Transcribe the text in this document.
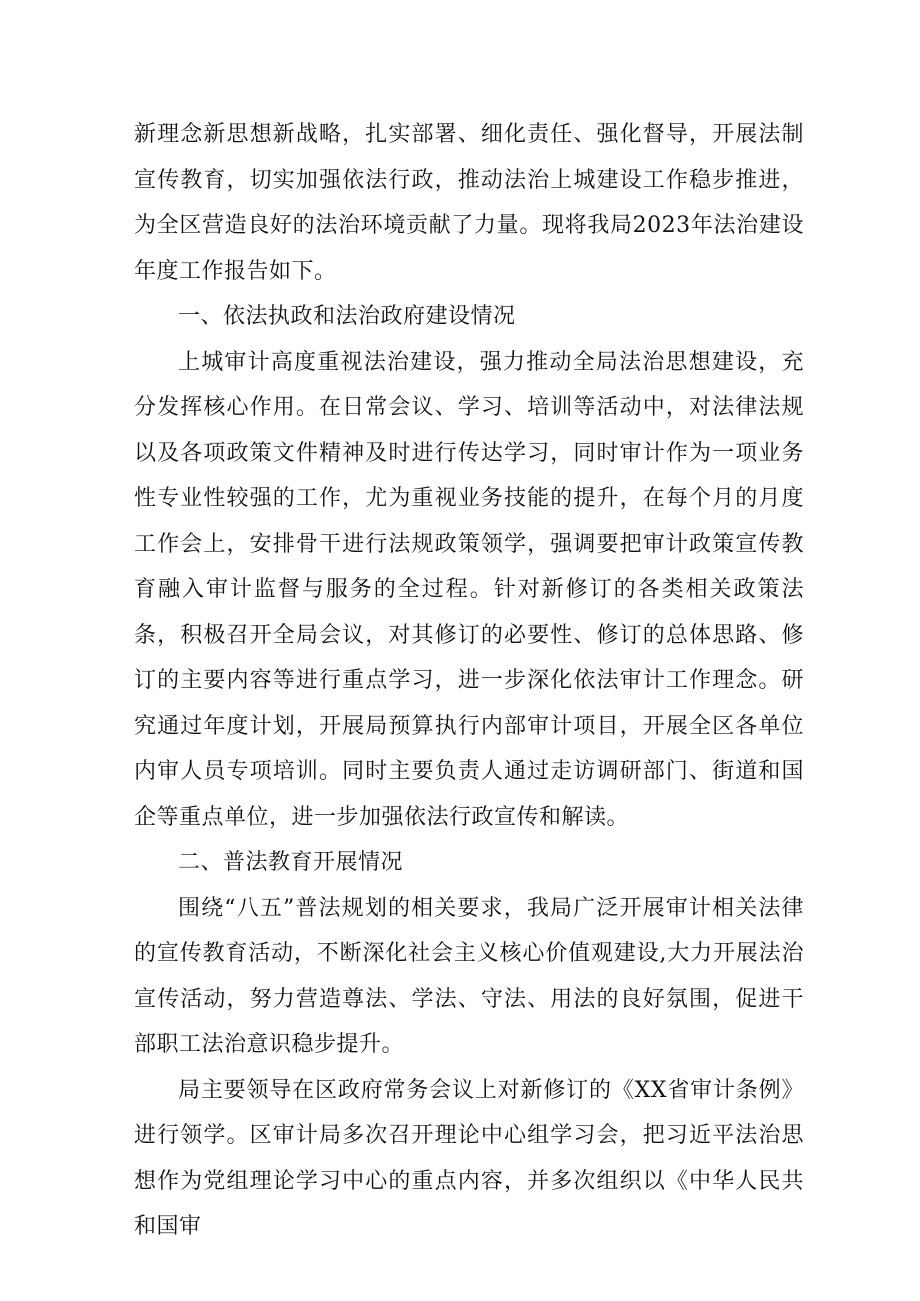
新理念新思想新战略，扎实部署、细化责任、强化督导，开展法制宣传教育，切实加强依法行政，推动法治上城建设工作稳步推进，为全区营造良好的法治环境贡献了力量。现将我局2023年法治建设年度工作报告如下。

一、依法执政和法治政府建设情况

上城审计高度重视法治建设，强力推动全局法治思想建设，充分发挥核心作用。在日常会议、学习、培训等活动中，对法律法规以及各项政策文件精神及时进行传达学习，同时审计作为一项业务性专业性较强的工作，尤为重视业务技能的提升，在每个月的月度工作会上，安排骨干进行法规政策领学，强调要把审计政策宣传教育融入审计监督与服务的全过程。针对新修订的各类相关政策法条，积极召开全局会议，对其修订的必要性、修订的总体思路、修订的主要内容等进行重点学习，进一步深化依法审计工作理念。研究通过年度计划，开展局预算执行内部审计项目，开展全区各单位内审人员专项培训。同时主要负责人通过走访调研部门、街道和国企等重点单位，进一步加强依法行政宣传和解读。

二、普法教育开展情况

围绕“八五”普法规划的相关要求，我局广泛开展审计相关法律的宣传教育活动，不断深化社会主义核心价值观建设,大力开展法治宣传活动，努力营造尊法、学法、守法、用法的良好氛围，促进干部职工法治意识稳步提升。

局主要领导在区政府常务会议上对新修订的《XX省审计条例》进行领学。区审计局多次召开理论中心组学习会，把习近平法治思想作为党组理论学习中心的重点内容，并多次组织以《中华人民共和国审
